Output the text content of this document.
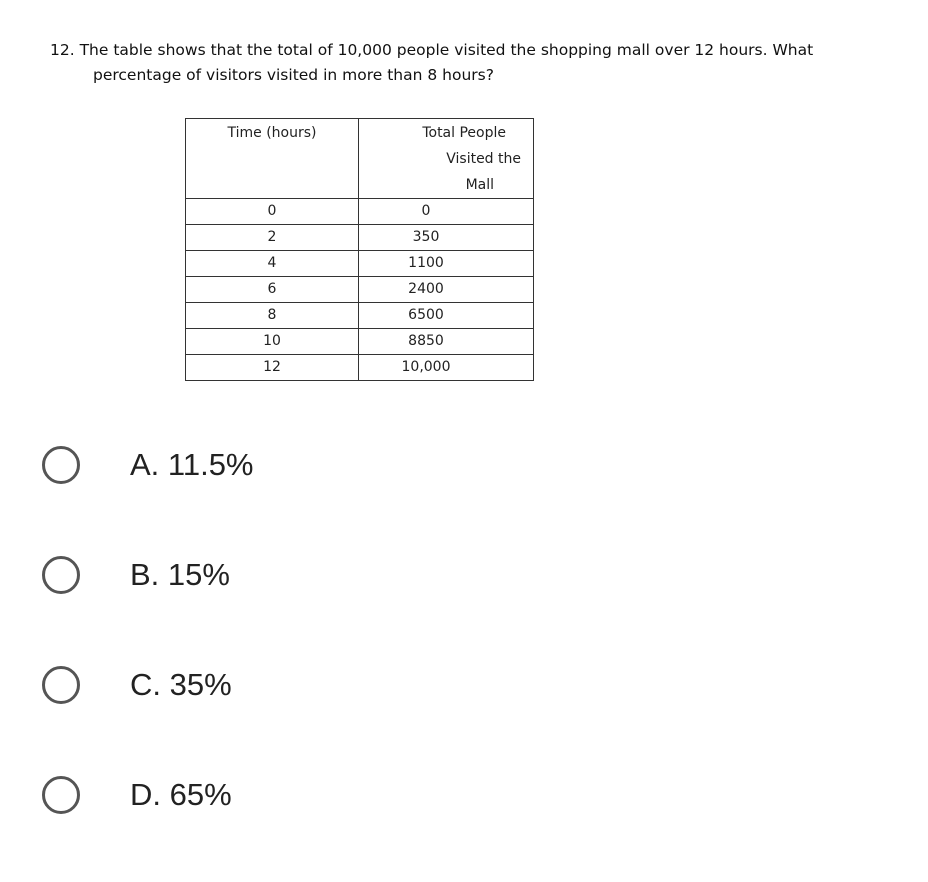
12. The table shows that the total of 10,000 people visited the shopping mall over 12 hours. What
percentage of visitors visited in more than 8 hours?
Time (hours)	Total People
Visited the
Mall

0	0
2	350
4	1100
6	2400
8	6500
10	8850
12	10,000
A. 11.5%
B. 15%
C. 35%
D. 65%
